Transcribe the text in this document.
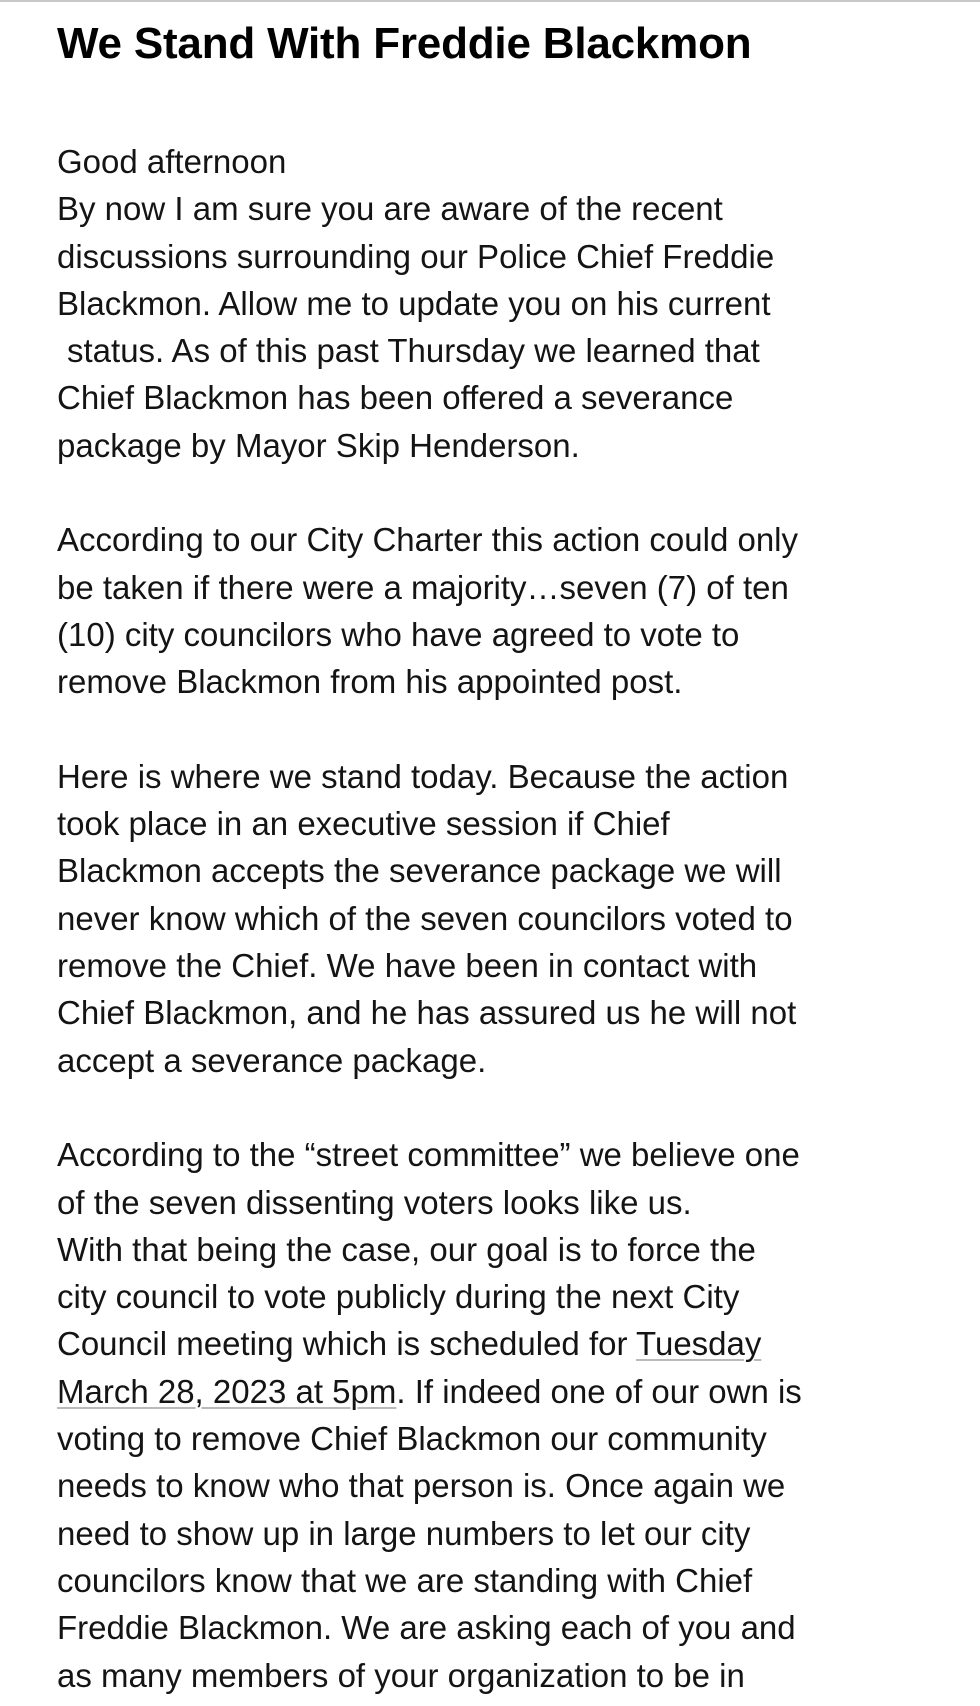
We Stand With Freddie Blackmon
Good afternoon
By now I am sure you are aware of the recent
discussions surrounding our Police Chief Freddie
Blackmon. Allow me to update you on his current
status. As of this past Thursday we learned that
Chief Blackmon has been offered a severance
package by Mayor Skip Henderson.
According to our City Charter this action could only
be taken if there were a majority…seven (7) of ten
(10) city councilors who have agreed to vote to
remove Blackmon from his appointed post.
Here is where we stand today. Because the action
took place in an executive session if Chief
Blackmon accepts the severance package we will
never know which of the seven councilors voted to
remove the Chief. We have been in contact with
Chief Blackmon, and he has assured us he will not
accept a severance package.
According to the “street committee” we believe one
of the seven dissenting voters looks like us.
With that being the case, our goal is to force the
city council to vote publicly during the next City
Council meeting which is scheduled for Tuesday
March 28, 2023 at 5pm. If indeed one of our own is
voting to remove Chief Blackmon our community
needs to know who that person is. Once again we
need to show up in large numbers to let our city
councilors know that we are standing with Chief
Freddie Blackmon. We are asking each of you and
as many members of your organization to be in
